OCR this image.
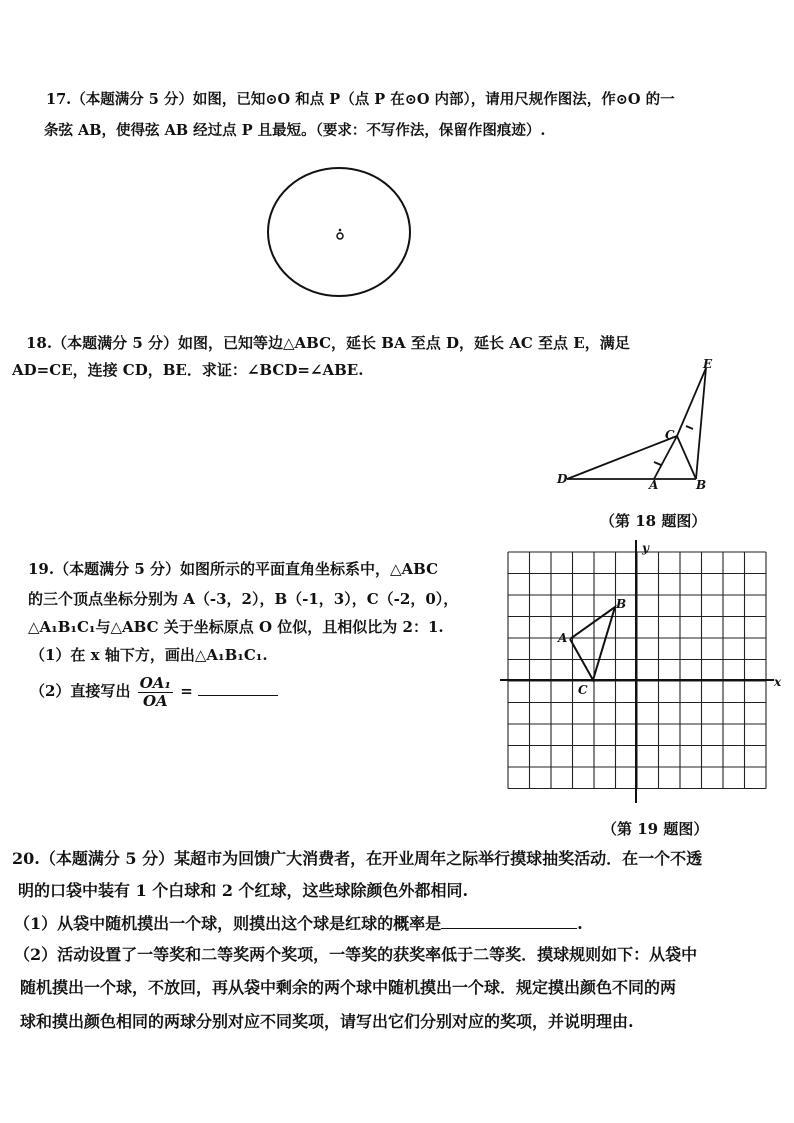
17.（本题满分 5 分）如图，已知⊙O 和点 P（点 P 在⊙O 内部），请用尺规作图法，作⊙O 的一
条弦 AB，使得弦 AB 经过点 P 且最短。（要求：不写作法，保留作图痕迹）.
18.（本题满分 5 分）如图，已知等边△ABC，延长 BA 至点 D，延长 AC 至点 E，满足
AD=CE，连接 CD，BE．求证：∠BCD=∠ABE.
D	A	B
C
E
（第 18 题图）
19.（本题满分 5 分）如图所示的平面直角坐标系中，△ABC
的三个顶点坐标分别为 A（-3，2），B（-1，3），C（-2，0），
△A₁B₁C₁与△ABC 关于坐标原点 O 位似，且相似比为 2：1.
（1）在 x 轴下方，画出△A₁B₁C₁.
（2）直接写出 $\frac{\text{OA₁}}{OA}$ =
y
x
A
B
C
（第 19 题图）
20.（本题满分 5 分）某超市为回馈广大消费者，在开业周年之际举行摸球抽奖活动．在一个不透
明的口袋中装有 1 个白球和 2 个红球，这些球除颜色外都相同.
（1）从袋中随机摸出一个球，则摸出这个球是红球的概率是	.
（2）活动设置了一等奖和二等奖两个奖项，一等奖的获奖率低于二等奖．摸球规则如下：从袋中
随机摸出一个球，不放回，再从袋中剩余的两个球中随机摸出一个球．规定摸出颜色不同的两
球和摸出颜色相同的两球分别对应不同奖项，请写出它们分别对应的奖项，并说明理由.
